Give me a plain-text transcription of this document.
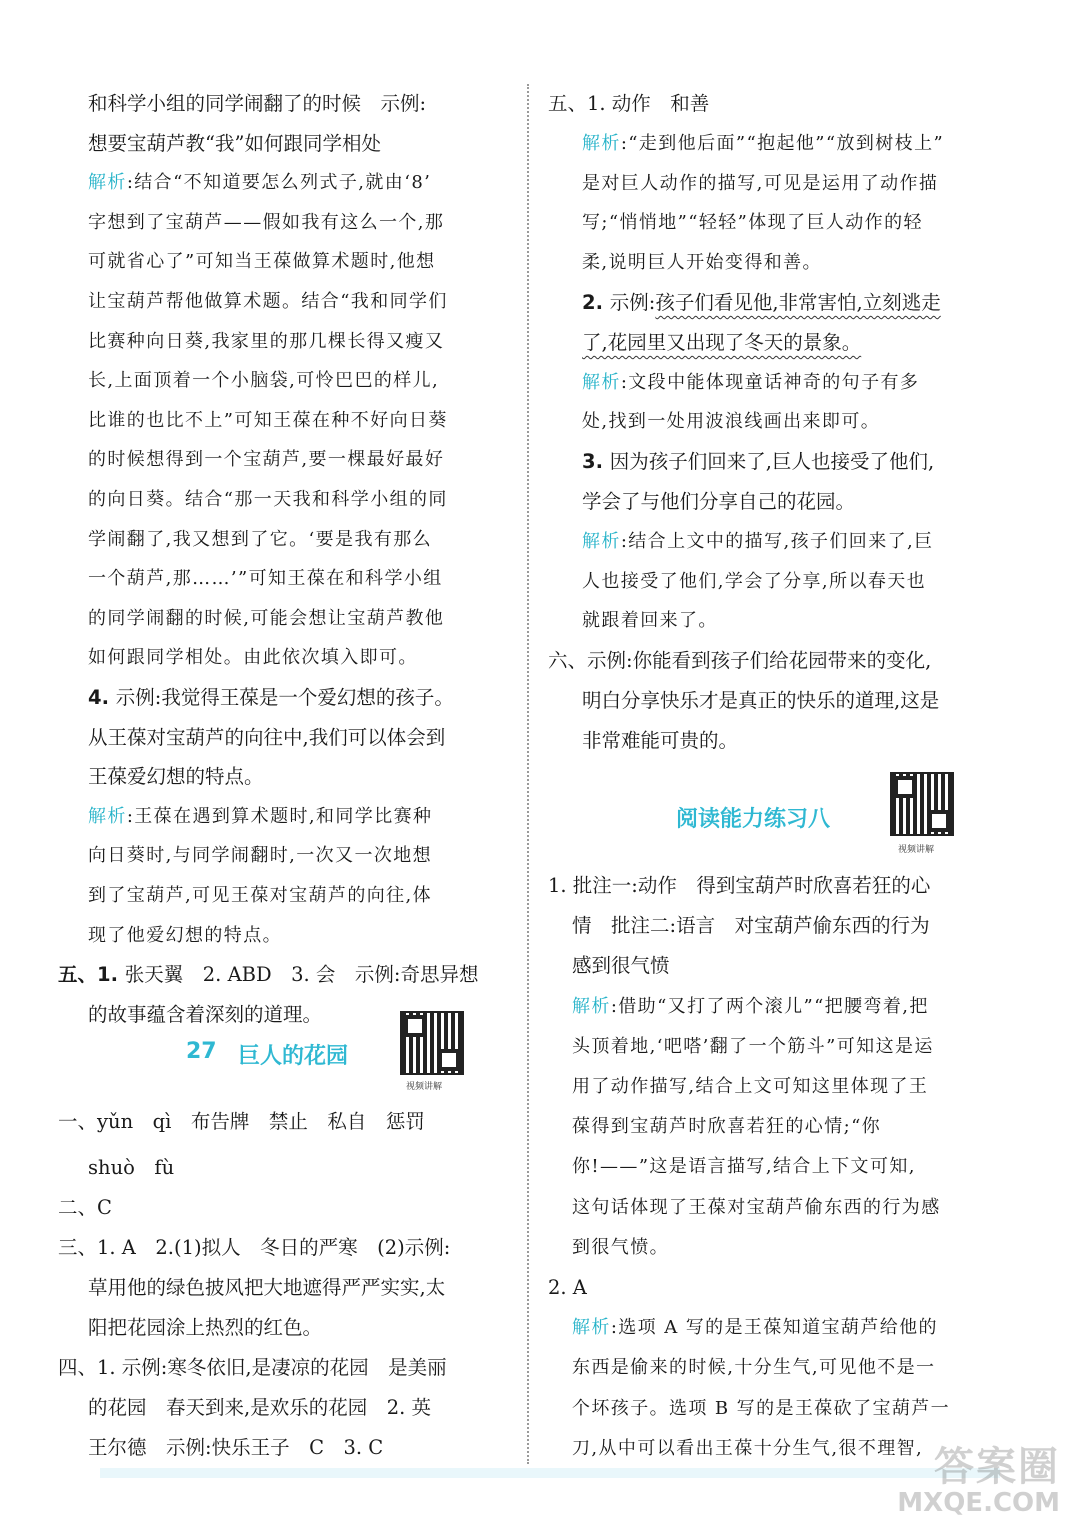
和科学小组的同学闹翻了的时候　示例:
想要宝葫芦教“我”如何跟同学相处
解析:结合“不知道要怎么列式子,就由‘8’
字想到了宝葫芦——假如我有这么一个,那
可就省心了”可知当王葆做算术题时,他想
让宝葫芦帮他做算术题。结合“我和同学们
比赛种向日葵,我家里的那几棵长得又瘦又
长,上面顶着一个小脑袋,可怜巴巴的样儿,
比谁的也比不上”可知王葆在种不好向日葵
的时候想得到一个宝葫芦,要一棵最好最好
的向日葵。结合“那一天我和科学小组的同
学闹翻了,我又想到了它。‘要是我有那么
一个葫芦,那……’”可知王葆在和科学小组
的同学闹翻的时候,可能会想让宝葫芦教他
如何跟同学相处。由此依次填入即可。
4. 示例:我觉得王葆是一个爱幻想的孩子。
从王葆对宝葫芦的向往中,我们可以体会到
王葆爱幻想的特点。
解析:王葆在遇到算术题时,和同学比赛种
向日葵时,与同学闹翻时,一次又一次地想
到了宝葫芦,可见王葆对宝葫芦的向往,体
现了他爱幻想的特点。
五、1. 张天翼　2. ABD　3. 会　示例:奇思异想
的故事蕴含着深刻的道理。
27 巨人的花园
视频讲解
一、yǔn　qì　布告牌　禁止　私自　惩罚
shuò　fù
二、C
三、1. A　2.(1)拟人　冬日的严寒　(2)示例:
草用他的绿色披风把大地遮得严严实实,太
阳把花园涂上热烈的红色。
四、1. 示例:寒冬依旧,是凄凉的花园　是美丽
的花园　春天到来,是欢乐的花园　2. 英
王尔德　示例:快乐王子　C　3. C
五、1. 动作　和善
解析:“走到他后面”“抱起他”“放到树枝上”
是对巨人动作的描写,可见是运用了动作描
写;“悄悄地”“轻轻”体现了巨人动作的轻
柔,说明巨人开始变得和善。
2. 示例:孩子们看见他,非常害怕,立刻逃走
了,花园里又出现了冬天的景象。
解析:文段中能体现童话神奇的句子有多
处,找到一处用波浪线画出来即可。
3. 因为孩子们回来了,巨人也接受了他们,
学会了与他们分享自己的花园。
解析:结合上文中的描写,孩子们回来了,巨
人也接受了他们,学会了分享,所以春天也
就跟着回来了。
六、示例:你能看到孩子们给花园带来的变化,
明白分享快乐才是真正的快乐的道理,这是
非常难能可贵的。
阅读能力练习八
视频讲解
1. 批注一:动作　得到宝葫芦时欣喜若狂的心
情　批注二:语言　对宝葫芦偷东西的行为
感到很气愤
解析:借助“又打了两个滚儿”“把腰弯着,把
头顶着地,‘吧嗒’翻了一个筋斗”可知这是运
用了动作描写,结合上文可知这里体现了王
葆得到宝葫芦时欣喜若狂的心情;“你
你!——”这是语言描写,结合上下文可知,
这句话体现了王葆对宝葫芦偷东西的行为感
到很气愤。
2. A
解析:选项 A 写的是王葆知道宝葫芦给他的
东西是偷来的时候,十分生气,可见他不是一
个坏孩子。选项 B 写的是王葆砍了宝葫芦一
刀,从中可以看出王葆十分生气,很不理智, 答案圈
MXQE.COM
